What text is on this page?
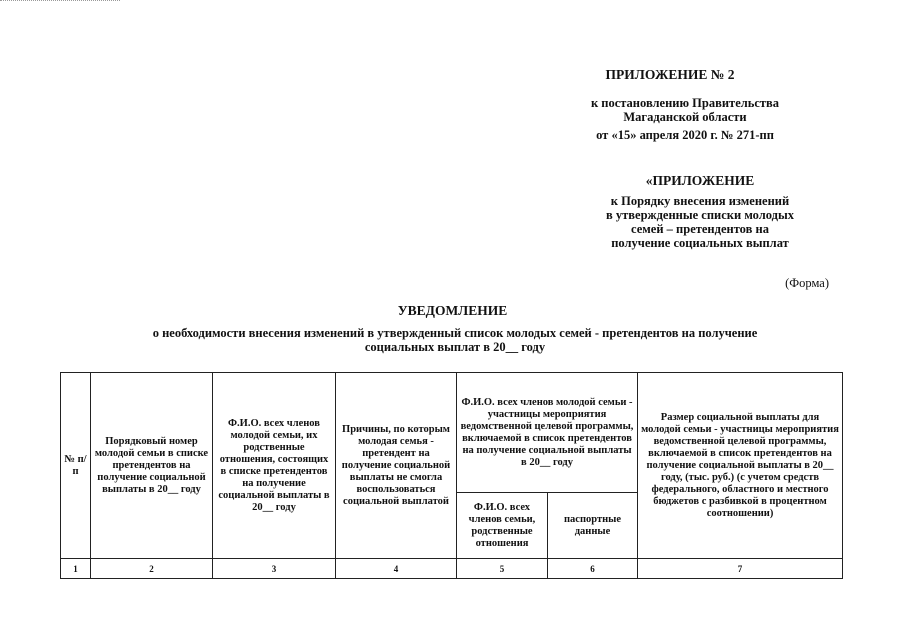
ПРИЛОЖЕНИЕ № 2
к постановлению Правительства
Магаданской области
от «15» апреля 2020 г. № 271-пп
«ПРИЛОЖЕНИЕ
к Порядку внесения изменений
в утвержденные списки молодых
семей – претендентов на
получение социальных выплат
(Форма)
УВЕДОМЛЕНИЕ
о необходимости внесения изменений в утвержденный список молодых семей - претендентов на получение
социальных выплат в 20__ году
№ п/п	Порядковый номер молодой семьи в списке претендентов на получение социальной выплаты в 20__ году	Ф.И.О. всех членов молодой семьи, их родственные отношения, состоящих в списке претендентов на получение социальной выплаты в 20__ году	Причины, по которым молодая семья - претендент на получение социальной выплаты не смогла воспользоваться социальной выплатой	Ф.И.О. всех членов молодой семьи - участницы мероприятия ведомственной целевой программы, включаемой в список претендентов на получение социальной выплаты в 20__ году		Размер социальной выплаты для молодой семьи - участницы мероприятия ведомственной целевой программы, включаемой в список претендентов на получение социальной выплаты в 20__ году, (тыс. руб.) (с учетом средств федерального, областного и местного бюджетов с разбивкой в процентном соотношении)
				Ф.И.О. всех членов семьи, родственные отношения	паспортные данные	
1	2	3	4	5	6	7
